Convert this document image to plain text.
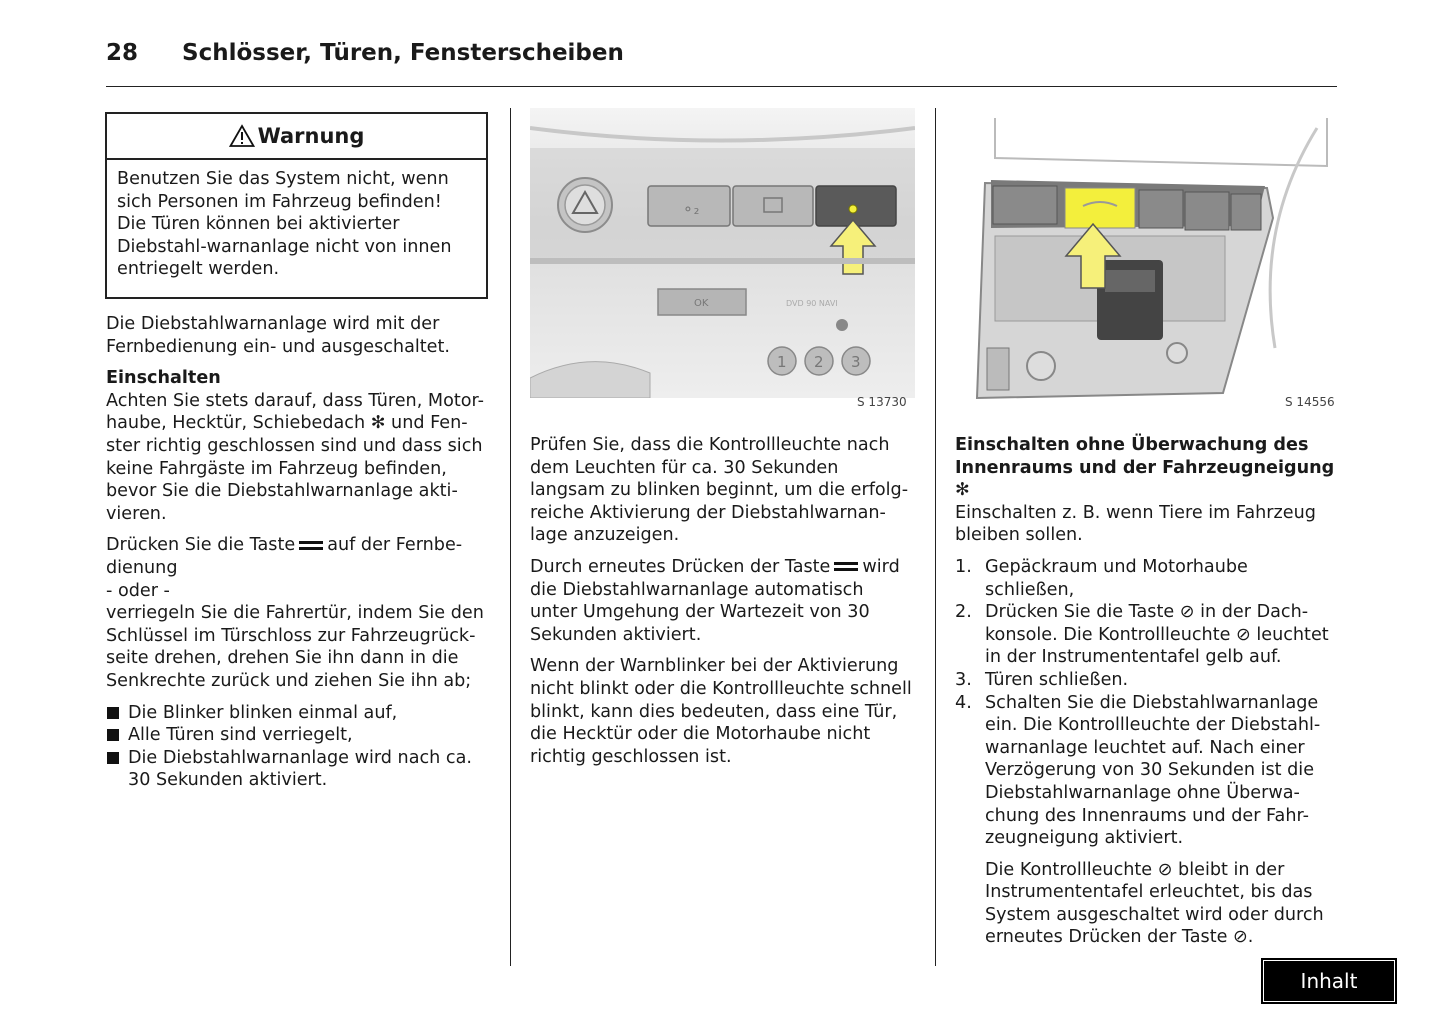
28 Schlösser, Türen, Fensterscheiben
Warnung
Benutzen Sie das System nicht, wenn sich Personen im Fahrzeug befinden! Die Türen können bei aktivierter Diebstahl-warnanlage nicht von innen entriegelt werden.

Die Diebstahlwarnanlage wird mit der Fernbedienung ein- und ausgeschaltet.

Einschalten

Achten Sie stets darauf, dass Türen, Motor-haube, Hecktür, Schiebedach ✻ und Fen-ster richtig geschlossen sind und dass sich keine Fahrgäste im Fahrzeug befinden, bevor Sie die Diebstahlwarnanlage akti-vieren.

Drücken Sie die Taste auf der Fernbe-dienung

- oder -

verriegeln Sie die Fahrertür, indem Sie den Schlüssel im Türschloss zur Fahrzeugrück-seite drehen, drehen Sie ihn dann in die Senkrechte zurück und ziehen Sie ihn ab;

Die Blinker blinken einmal auf,
Alle Türen sind verriegelt,
Die Diebstahlwarnanlage wird nach ca. 30 Sekunden aktiviert.
⚬₂
OK	DVD 90 NAVI
1 2 3
S 13730

Prüfen Sie, dass die Kontrollleuchte nach dem Leuchten für ca. 30 Sekunden langsam zu blinken beginnt, um die erfolg-reiche Aktivierung der Diebstahlwarnan-lage anzuzeigen.

Durch erneutes Drücken der Taste wird die Diebstahlwarnanlage automatisch unter Umgehung der Wartezeit von 30 Sekunden aktiviert.

Wenn der Warnblinker bei der Aktivierung nicht blinkt oder die Kontrollleuchte schnell blinkt, kann dies bedeuten, dass eine Tür, die Hecktür oder die Motorhaube nicht richtig geschlossen ist.

S 14556

Einschalten ohne Überwachung des Innenraums und der Fahrzeugneigung ✻

Einschalten z. B. wenn Tiere im Fahrzeug bleiben sollen.

1. Gepäckraum und Motorhaube schließen,
2. Drücken Sie die Taste ⊘ in der Dach-konsole. Die Kontrollleuchte ⊘ leuchtet in der Instrumententafel gelb auf.
3. Türen schließen.
4. Schalten Sie die Diebstahlwarnanlage ein. Die Kontrollleuchte der Diebstahl-warnanlage leuchtet auf. Nach einer Verzögerung von 30 Sekunden ist die Diebstahlwarnanlage ohne Überwa-chung des Innenraums und der Fahr-zeugneigung aktiviert.

Die Kontrollleuchte ⊘ bleibt in der Instrumententafel erleuchtet, bis das System ausgeschaltet wird oder durch erneutes Drücken der Taste ⊘.

Inhalt
